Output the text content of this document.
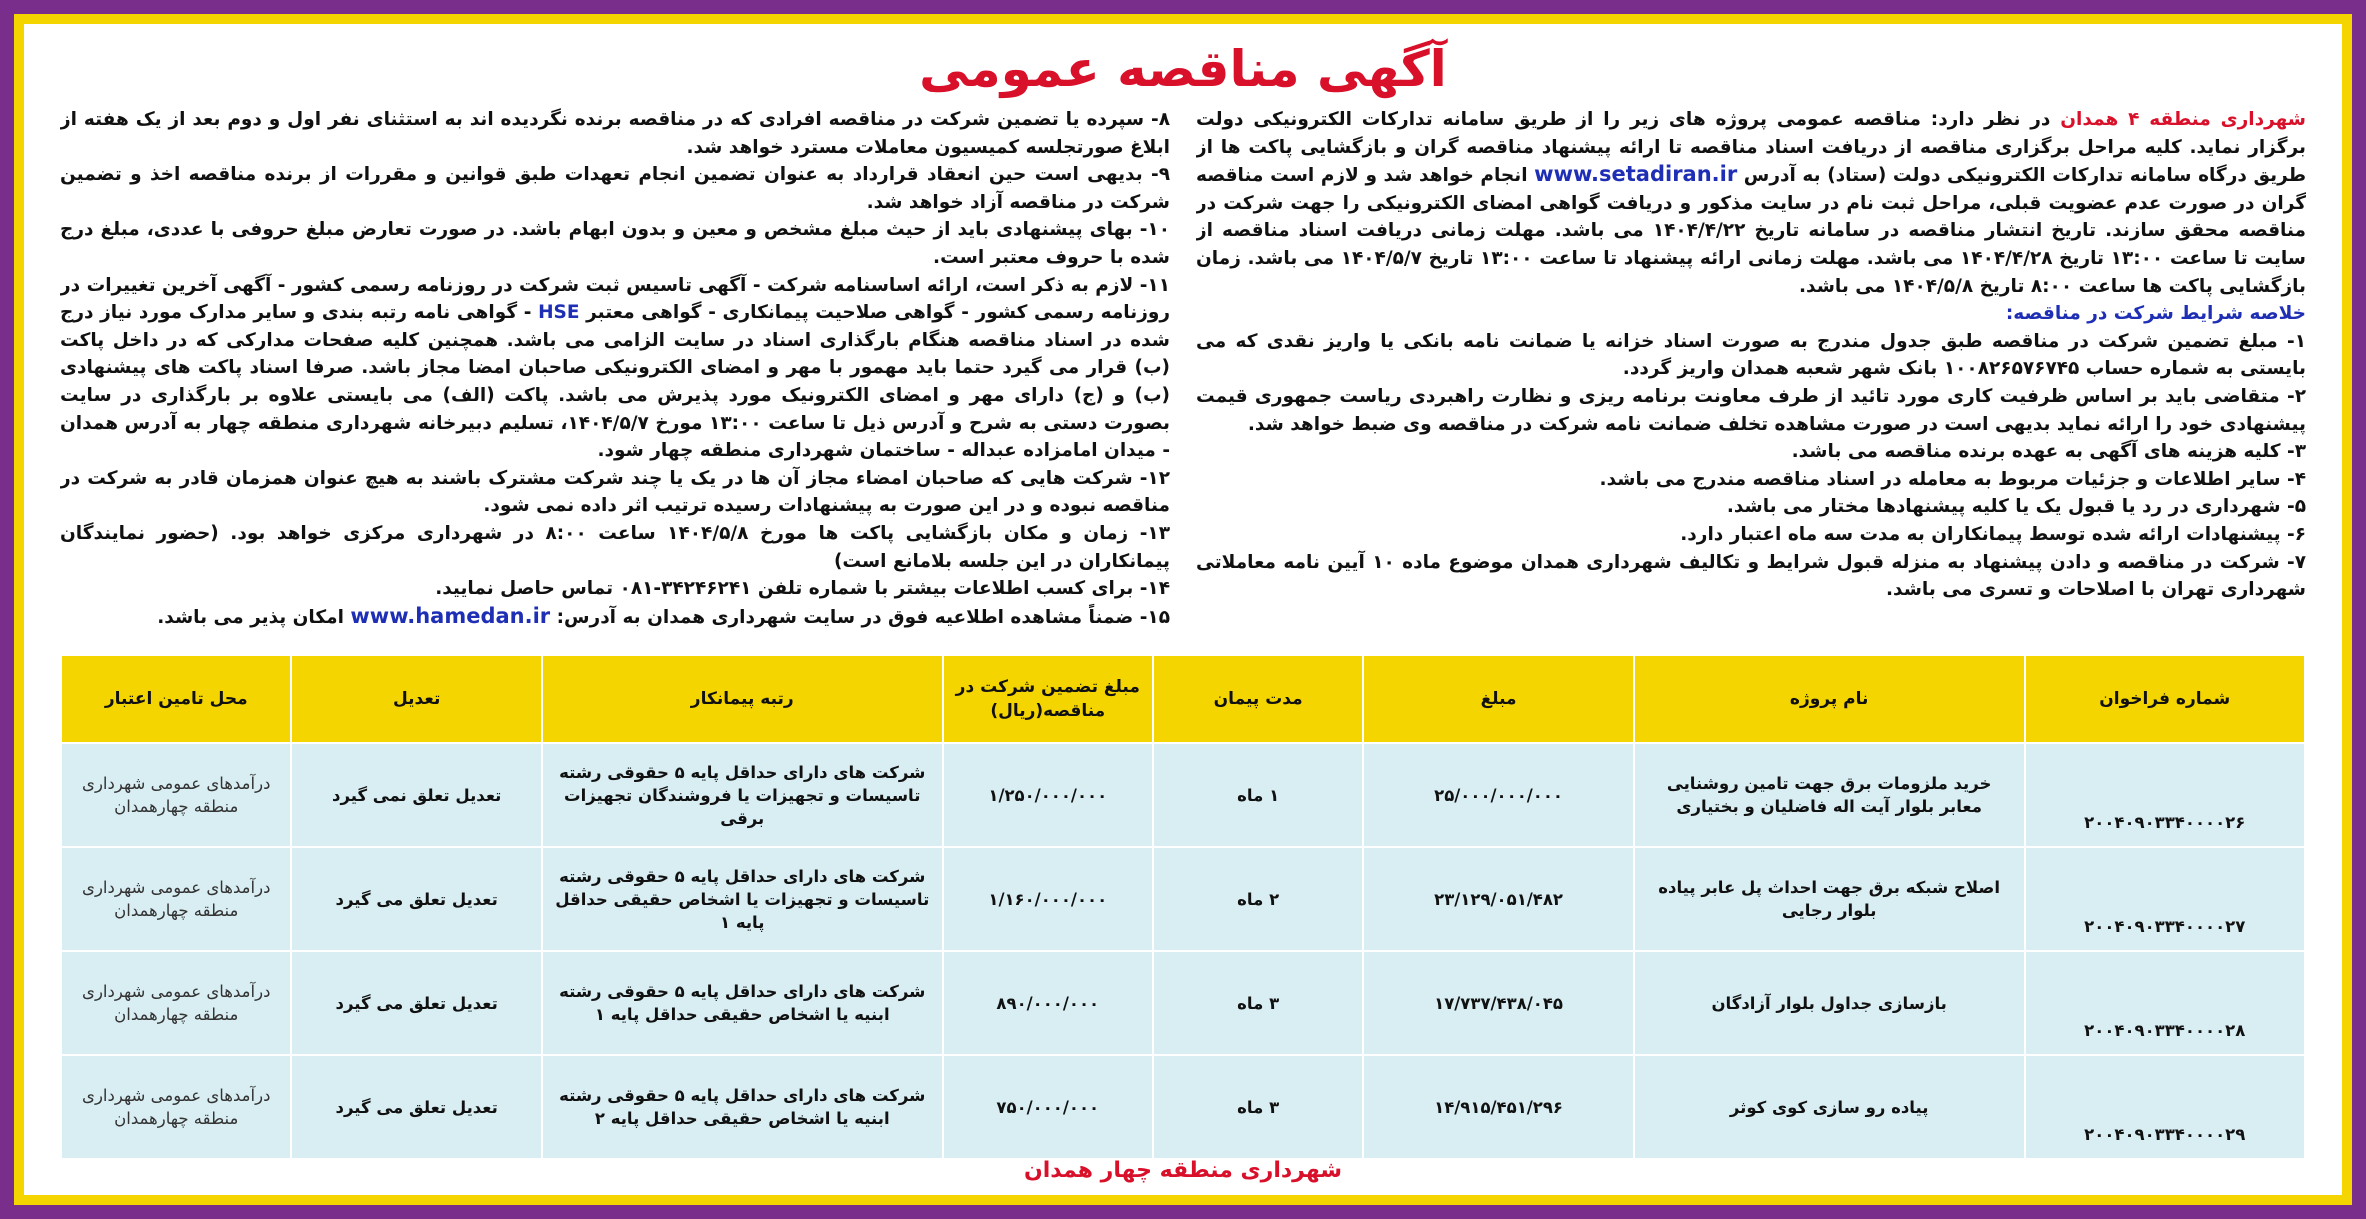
آگهی مناقصه عمومی

شهرداری منطقه ۴ همدان در نظر دارد: مناقصه عمومی پروژه های زیر را از طریق سامانه تدارکات الکترونیکی دولت برگزار نماید. کلیه مراحل برگزاری مناقصه از دریافت اسناد مناقصه تا ارائه پیشنهاد مناقصه گران و بازگشایی پاکت ها از طریق درگاه سامانه تدارکات الکترونیکی دولت (ستاد) به آدرس www.setadiran.ir انجام خواهد شد و لازم است مناقصه گران در صورت عدم عضویت قبلی، مراحل ثبت نام در سایت مذکور و دریافت گواهی امضای الکترونیکی را جهت شرکت در مناقصه محقق سازند. تاریخ انتشار مناقصه در سامانه تاریخ ۱۴۰۴/۴/۲۲ می باشد. مهلت زمانی دریافت اسناد مناقصه از سایت تا ساعت ۱۳:۰۰ تاریخ ۱۴۰۴/۴/۲۸ می باشد. مهلت زمانی ارائه پیشنهاد تا ساعت ۱۳:۰۰ تاریخ ۱۴۰۴/۵/۷ می باشد. زمان بازگشایی پاکت ها ساعت ۸:۰۰ تاریخ ۱۴۰۴/۵/۸ می باشد.

خلاصه شرایط شرکت در مناقصه:

۱- مبلغ تضمین شرکت در مناقصه طبق جدول مندرج به صورت اسناد خزانه یا ضمانت نامه بانکی یا واریز نقدی که می بایستی به شماره حساب ۱۰۰۸۲۶۵۷۶۷۴۵ بانک شهر شعبه همدان واریز گردد.

۲- متقاضی باید بر اساس ظرفیت کاری مورد تائید از طرف معاونت برنامه ریزی و نظارت راهبردی ریاست جمهوری قیمت پیشنهادی خود را ارائه نماید بدیهی است در صورت مشاهده تخلف ضمانت نامه شرکت در مناقصه وی ضبط خواهد شد.

۳- کلیه هزینه های آگهی به عهده برنده مناقصه می باشد.

۴- سایر اطلاعات و جزئیات مربوط به معامله در اسناد مناقصه مندرج می باشد.

۵- شهرداری در رد یا قبول یک یا کلیه پیشنهادها مختار می باشد.

۶- پیشنهادات ارائه شده توسط پیمانکاران به مدت سه ماه اعتبار دارد.

۷- شرکت در مناقصه و دادن پیشنهاد به منزله قبول شرایط و تکالیف شهرداری همدان موضوع ماده ۱۰ آیین نامه معاملاتی شهرداری تهران با اصلاحات و تسری می باشد.

۸- سپرده یا تضمین شرکت در مناقصه افرادی که در مناقصه برنده نگردیده اند به استثنای نفر اول و دوم بعد از یک هفته از ابلاغ صورتجلسه کمیسیون معاملات مسترد خواهد شد.

۹- بدیهی است حین انعقاد قرارداد به عنوان تضمین انجام تعهدات طبق قوانین و مقررات از برنده مناقصه اخذ و تضمین شرکت در مناقصه آزاد خواهد شد.

۱۰- بهای پیشنهادی باید از حیث مبلغ مشخص و معین و بدون ابهام باشد. در صورت تعارض مبلغ حروفی با عددی، مبلغ درج شده با حروف معتبر است.

۱۱- لازم به ذکر است، ارائه اساسنامه شرکت - آگهی تاسیس ثبت شرکت در روزنامه رسمی کشور - آگهی آخرین تغییرات در روزنامه رسمی کشور - گواهی صلاحیت پیمانکاری - گواهی معتبر HSE - گواهی نامه رتبه بندی و سایر مدارک مورد نیاز درج شده در اسناد مناقصه هنگام بارگذاری اسناد در سایت الزامی می باشد. همچنین کلیه صفحات مدارکی که در داخل پاکت (ب) قرار می گیرد حتما باید مهمور با مهر و امضای الکترونیکی صاحبان امضا مجاز باشد. صرفا اسناد پاکت های پیشنهادی (ب) و (ج) دارای مهر و امضای الکترونیک مورد پذیرش می باشد. پاکت (الف) می بایستی علاوه بر بارگذاری در سایت بصورت دستی به شرح و آدرس ذیل تا ساعت ۱۳:۰۰ مورخ ۱۴۰۴/۵/۷، تسلیم دبیرخانه شهرداری منطقه چهار به آدرس همدان - میدان امامزاده عبداله - ساختمان شهرداری منطقه چهار شود.

۱۲- شرکت هایی که صاحبان امضاء مجاز آن ها در یک یا چند شرکت مشترک باشند به هیچ عنوان همزمان قادر به شرکت در مناقصه نبوده و در این صورت به پیشنهادات رسیده ترتیب اثر داده نمی شود.

۱۳- زمان و مکان بازگشایی پاکت ها مورخ ۱۴۰۴/۵/۸ ساعت ۸:۰۰ در شهرداری مرکزی خواهد بود. (حضور نمایندگان پیمانکاران در این جلسه بلامانع است)

۱۴- برای کسب اطلاعات بیشتر با شماره تلفن ۳۴۲۴۶۲۴۱-۰۸۱ تماس حاصل نمایید.

۱۵- ضمناً مشاهده اطلاعیه فوق در سایت شهرداری همدان به آدرس: www.hamedan.ir امکان پذیر می باشد.

شماره فراخوان	نام پروژه	مبلغ	مدت پیمان	مبلغ تضمین شرکت در مناقصه(ریال)	رتبه پیمانکار	تعدیل	محل تامین اعتبار
۲۰۰۴۰۹۰۳۳۴۰۰۰۰۲۶	خرید ملزومات برق جهت تامین روشنایی معابر بلوار آیت اله فاضلیان و بختیاری	۲۵/۰۰۰/۰۰۰/۰۰۰	۱ ماه	۱/۲۵۰/۰۰۰/۰۰۰	شرکت های دارای حداقل پایه ۵ حقوقی رشته تاسیسات و تجهیزات یا فروشندگان تجهیزات برقی	تعدیل تعلق نمی گیرد	درآمدهای عمومی شهرداری منطقه چهارهمدان
۲۰۰۴۰۹۰۳۳۴۰۰۰۰۲۷	اصلاح شبکه برق جهت احداث پل عابر پیاده بلوار رجایی	۲۳/۱۲۹/۰۵۱/۴۸۲	۲ ماه	۱/۱۶۰/۰۰۰/۰۰۰	شرکت های دارای حداقل پایه ۵ حقوقی رشته تاسیسات و تجهیزات یا اشخاص حقیقی حداقل پایه ۱	تعدیل تعلق می گیرد	درآمدهای عمومی شهرداری منطقه چهارهمدان
۲۰۰۴۰۹۰۳۳۴۰۰۰۰۲۸	بازسازی جداول بلوار آزادگان	۱۷/۷۳۷/۴۳۸/۰۴۵	۳ ماه	۸۹۰/۰۰۰/۰۰۰	شرکت های دارای حداقل پایه ۵ حقوقی رشته ابنیه یا اشخاص حقیقی حداقل پایه ۱	تعدیل تعلق می گیرد	درآمدهای عمومی شهرداری منطقه چهارهمدان
۲۰۰۴۰۹۰۳۳۴۰۰۰۰۲۹	پیاده رو سازی کوی کوثر	۱۴/۹۱۵/۴۵۱/۲۹۶	۳ ماه	۷۵۰/۰۰۰/۰۰۰	شرکت های دارای حداقل پایه ۵ حقوقی رشته ابنیه یا اشخاص حقیقی حداقل پایه ۲	تعدیل تعلق می گیرد	درآمدهای عمومی شهرداری منطقه چهارهمدان
شهرداری منطقه چهار همدان
